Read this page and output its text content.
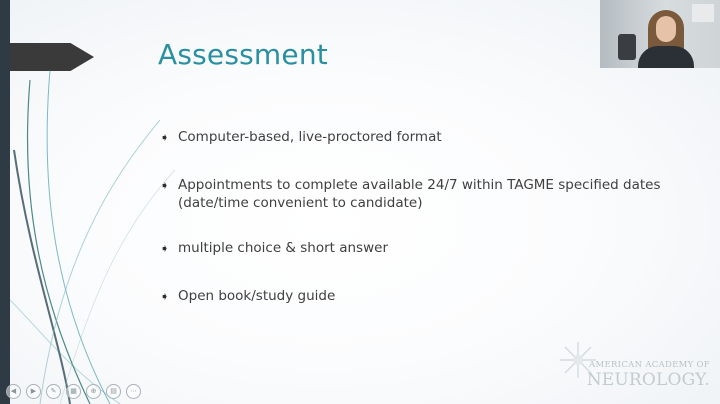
Assessment
➧ Computer-based, live-proctored format
➧ Appointments to complete available 24/7 within TAGME specified dates (date/time convenient to candidate)
➧ multiple choice & short answer
➧ Open book/study guide
AMERICAN ACADEMY OF
NEUROLOGY.
◀	▶	✎	▦	⊕	▤	⋯
